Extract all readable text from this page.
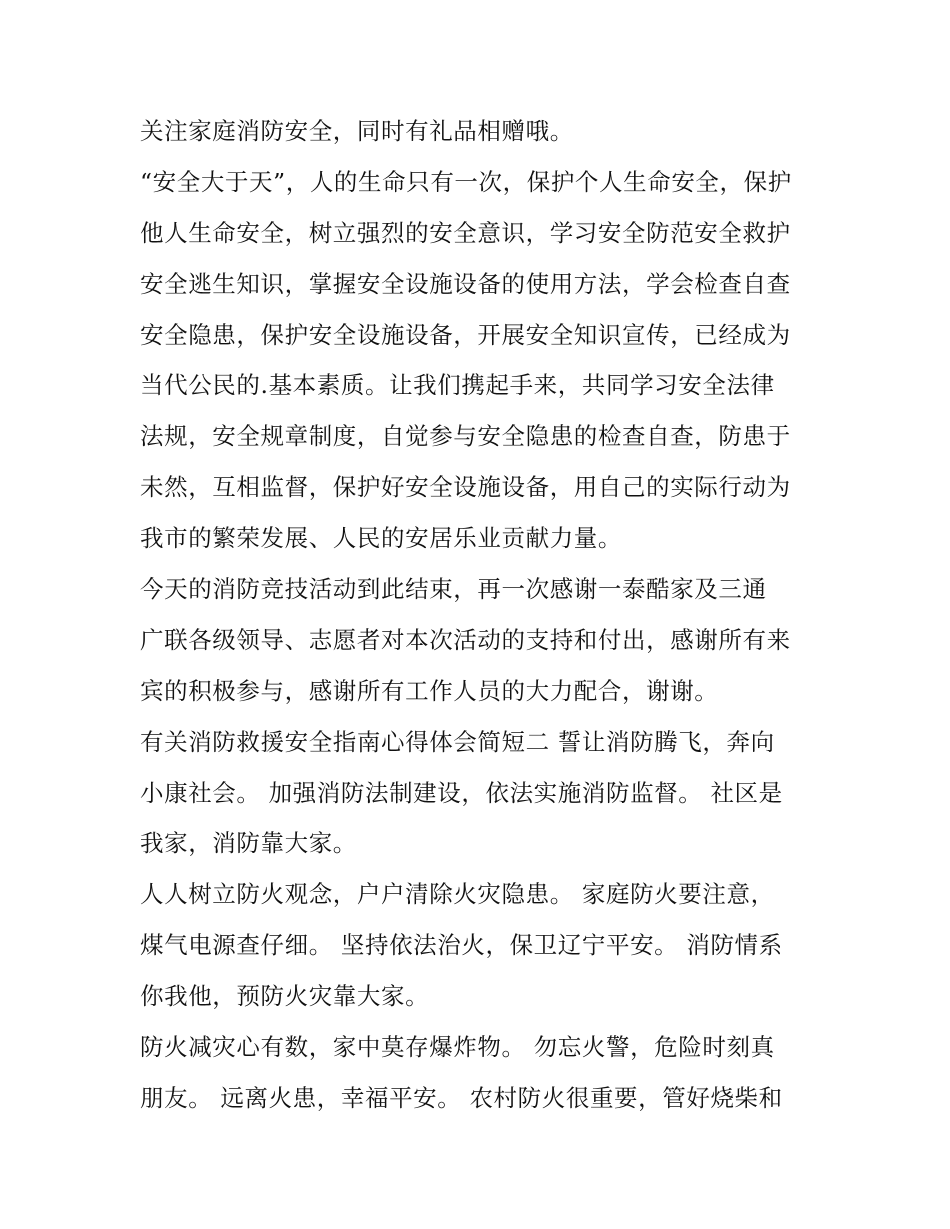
关注家庭消防安全，同时有礼品相赠哦。
“安全大于天”，人的生命只有一次，保护个人生命安全，保护
他人生命安全，树立强烈的安全意识，学习安全防范安全救护
安全逃生知识，掌握安全设施设备的使用方法，学会检查自查
安全隐患，保护安全设施设备，开展安全知识宣传，已经成为
当代公民的.基本素质。让我们携起手来，共同学习安全法律
法规，安全规章制度，自觉参与安全隐患的检查自查，防患于
未然，互相监督，保护好安全设施设备，用自己的实际行动为
我市的繁荣发展、人民的安居乐业贡献力量。
今天的消防竞技活动到此结束，再一次感谢一泰酷家及三通
广联各级领导、志愿者对本次活动的支持和付出，感谢所有来
宾的积极参与，感谢所有工作人员的大力配合，谢谢。
有关消防救援安全指南心得体会简短二 誓让消防腾飞，奔向
小康社会。 加强消防法制建设，依法实施消防监督。 社区是
我家，消防靠大家。
人人树立防火观念，户户清除火灾隐患。 家庭防火要注意，
煤气电源查仔细。 坚持依法治火，保卫辽宁平安。 消防情系
你我他，预防火灾靠大家。
防火减灾心有数，家中莫存爆炸物。 勿忘火警，危险时刻真
朋友。 远离火患，幸福平安。 农村防火很重要，管好烧柴和
